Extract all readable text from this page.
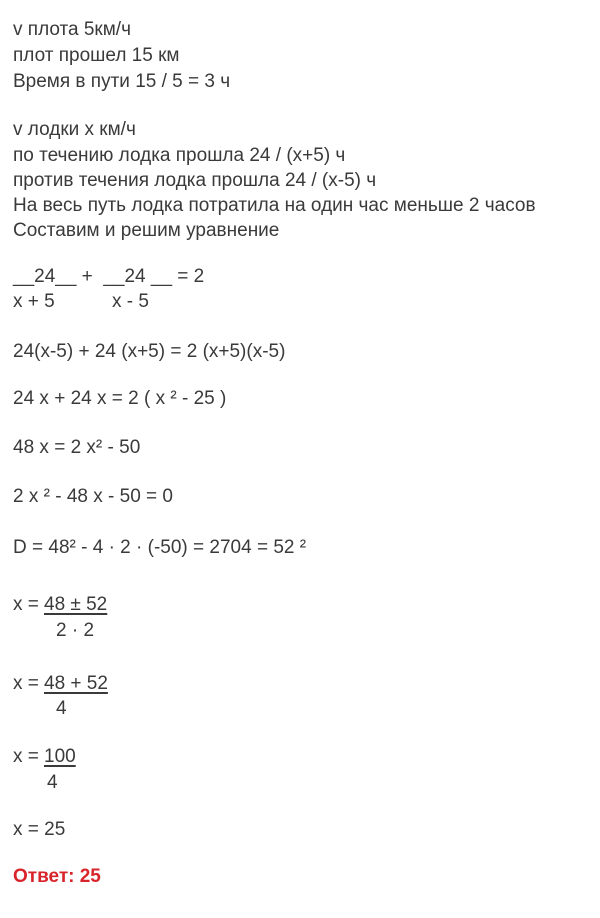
v плота 5км/ч

плот прошел 15 км

Время в пути 15 / 5 = 3 ч

v лодки x км/ч

по течению лодка прошла 24 / (x+5) ч

против течения лодка прошла 24 / (x-5) ч

На весь путь лодка потратила на один час меньше 2 часов

Составим и решим уравнение

__24__ +  __24 __ = 2

x + 5	x - 5

24(x-5) + 24 (x+5) = 2 (x+5)(x-5)

24 x + 24 x = 2 ( x ² - 25 )

48 x = 2 x² - 50

2 x ² - 48 x - 50 = 0

D = 48² - 4 · 2 · (-50) = 2704 = 52 ²

x = 48 ± 52

2 · 2

x = 48 + 52

4

x = 100

4

x = 25

Ответ: 25
